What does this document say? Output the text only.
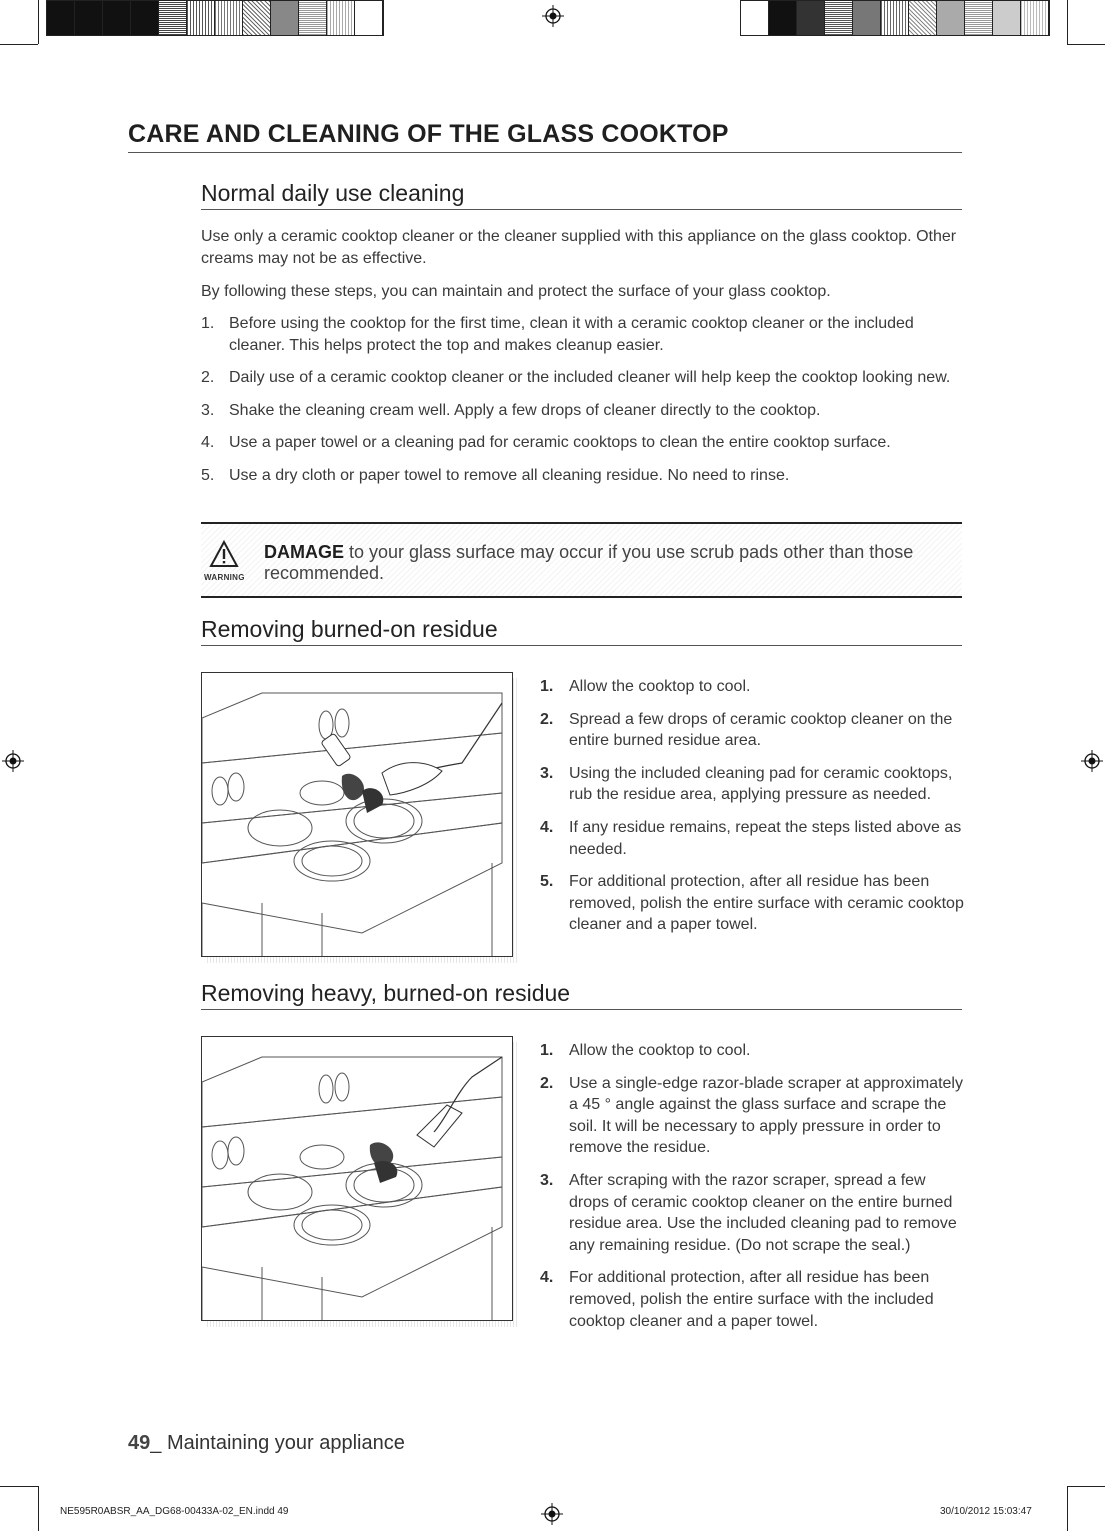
CARE AND CLEANING OF THE GLASS COOKTOP
Normal daily use cleaning

Use only a ceramic cooktop cleaner or the cleaner supplied with this appliance on the glass cooktop. Other creams may not be as effective.

By following these steps, you can maintain and protect the surface of your glass cooktop.

1. Before using the cooktop for the first time, clean it with a ceramic cooktop cleaner or the included cleaner. This helps protect the top and makes cleanup easier.
2. Daily use of a ceramic cooktop cleaner or the included cleaner will help keep the cooktop looking new.
3. Shake the cleaning cream well. Apply a few drops of cleaner directly to the cooktop.
4. Use a paper towel or a cleaning pad for ceramic cooktops to clean the entire cooktop surface.
5. Use a dry cloth or paper towel to remove all cleaning residue. No need to rinse.
WARNING
DAMAGE to your glass surface may occur if you use scrub pads other than those recommended.
Removing burned-on residue
1. Allow the cooktop to cool.
2. Spread a few drops of ceramic cooktop cleaner on the entire burned residue area.
3. Using the included cleaning pad for ceramic cooktops, rub the residue area, applying pressure as needed.
4. If any residue remains, repeat the steps listed above as needed.
5. For additional protection, after all residue has been removed, polish the entire surface with ceramic cooktop cleaner and a paper towel.
Removing heavy, burned-on residue
1. Allow the cooktop to cool.
2. Use a single-edge razor-blade scraper at approximately a 45 ° angle against the glass surface and scrape the soil. It will be necessary to apply pressure in order to remove the residue.
3. After scraping with the razor scraper, spread a few drops of ceramic cooktop cleaner on the entire burned residue area. Use the included cleaning pad to remove any remaining residue. (Do not scrape the seal.)
4. For additional protection, after all residue has been removed, polish the entire surface with the included cooktop cleaner and a paper towel.
49_ Maintaining your appliance
NE595R0ABSR_AA_DG68-00433A-02_EN.indd 49	30/10/2012 15:03:47
